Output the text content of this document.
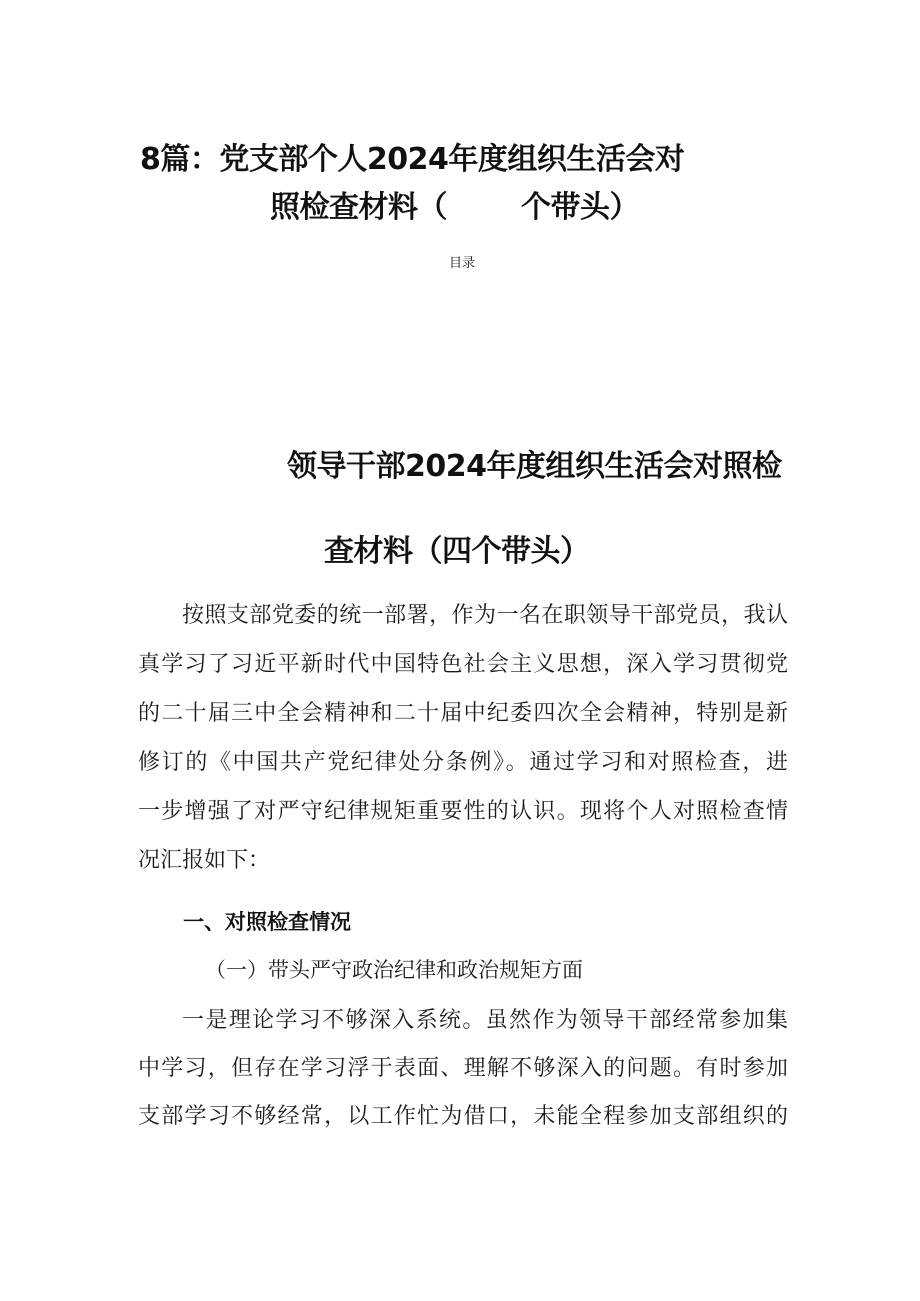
8篇：党支部个人2024年度组织生活会对
照检查材料（ 个带头）
目录
领导干部2024年度组织生活会对照检
查材料（四个带头）
按照支部党委的统一部署，作为一名在职领导干部党员，我认
真学习了习近平新时代中国特色社会主义思想，深入学习贯彻党
的二十届三中全会精神和二十届中纪委四次全会精神，特别是新
修订的《中国共产党纪律处分条例》。通过学习和对照检查，进
一步增强了对严守纪律规矩重要性的认识。现将个人对照检查情
况汇报如下：
一、对照检查情况
（一）带头严守政治纪律和政治规矩方面
一是理论学习不够深入系统。虽然作为领导干部经常参加集
中学习，但存在学习浮于表面、理解不够深入的问题。有时参加
支部学习不够经常，以工作忙为借口，未能全程参加支部组织的
